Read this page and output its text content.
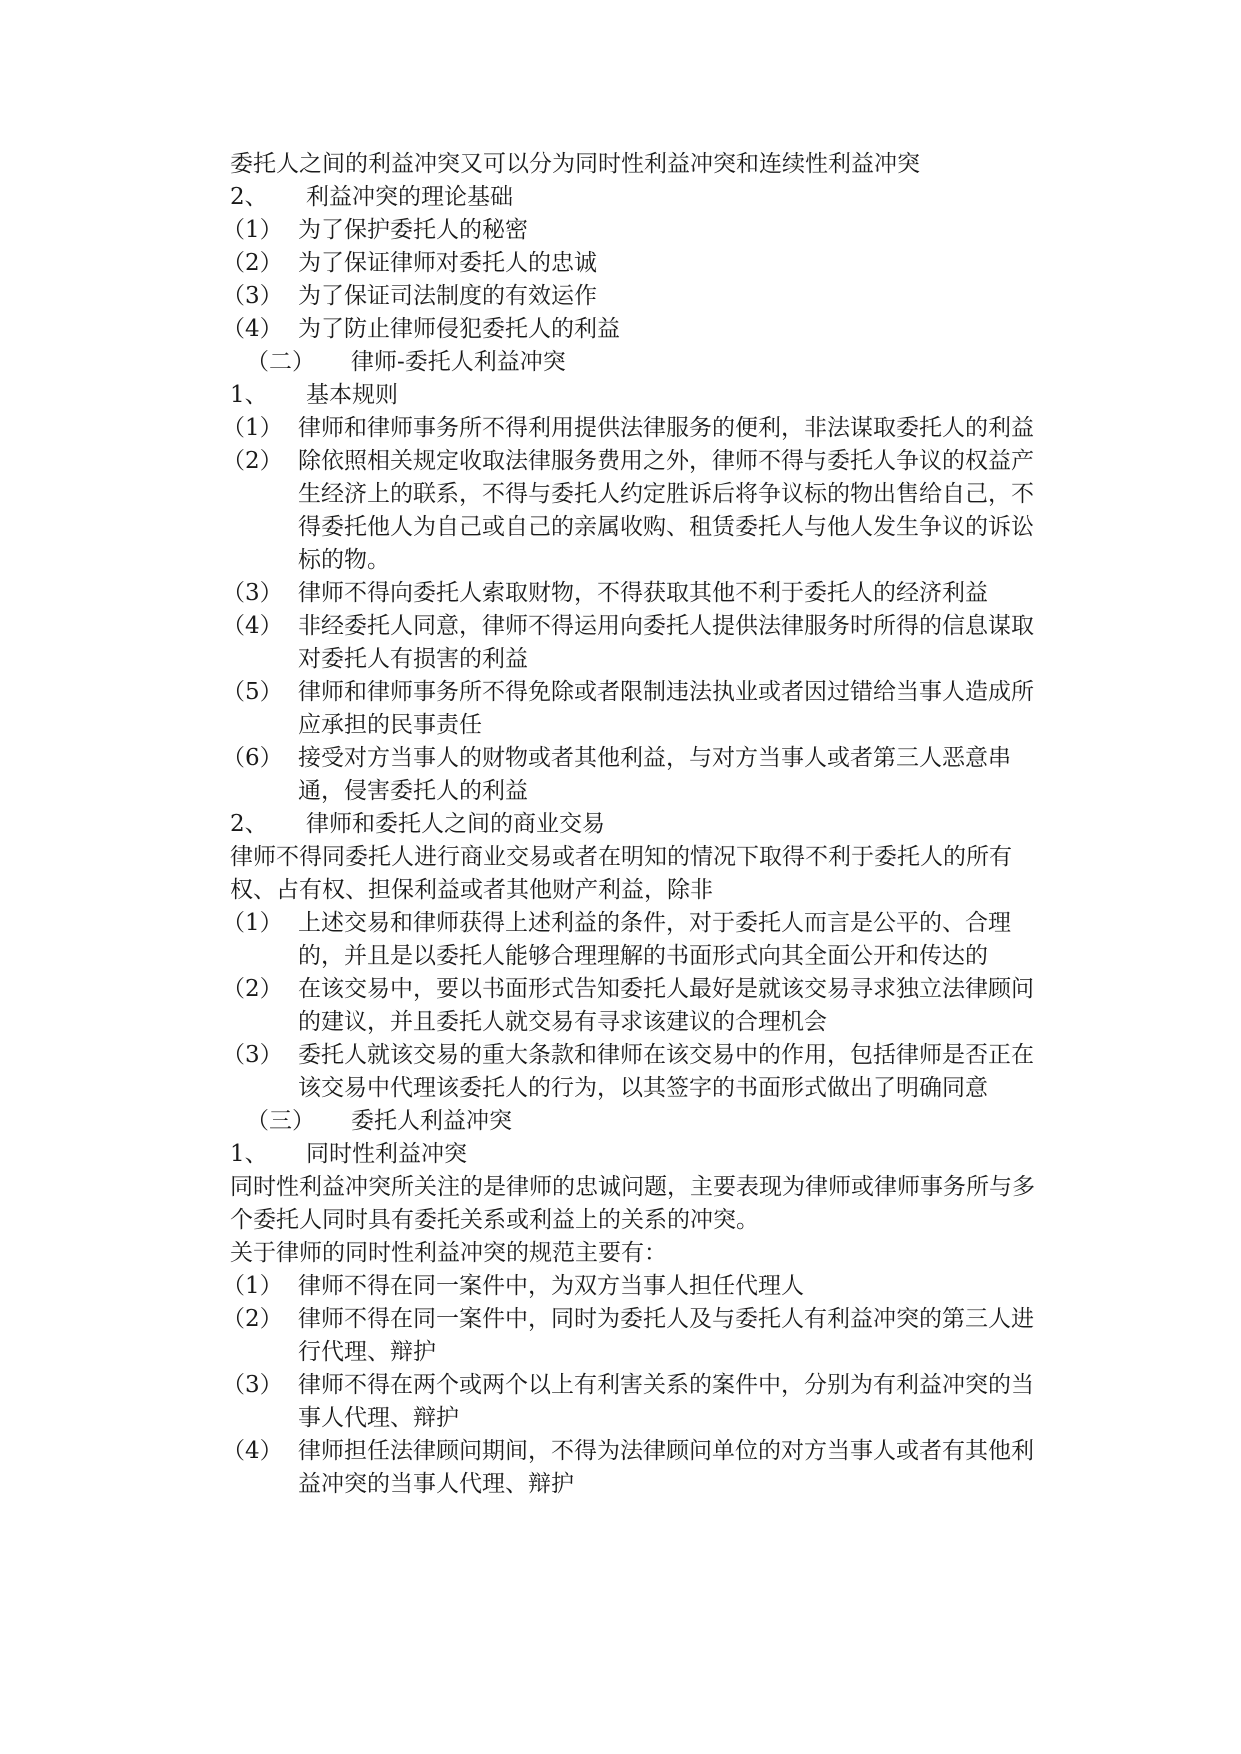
委托人之间的利益冲突又可以分为同时性利益冲突和连续性利益冲突
2、	利益冲突的理论基础
（1） 为了保护委托人的秘密
（2） 为了保证律师对委托人的忠诚
（3） 为了保证司法制度的有效运作
（4） 为了防止律师侵犯委托人的利益
（二）	律师-委托人利益冲突
1、	基本规则
（1） 律师和律师事务所不得利用提供法律服务的便利，非法谋取委托人的利益
（2） 除依照相关规定收取法律服务费用之外，律师不得与委托人争议的权益产生经济上的联系，不得与委托人约定胜诉后将争议标的物出售给自己，不得委托他人为自己或自己的亲属收购、租赁委托人与他人发生争议的诉讼标的物。
（3） 律师不得向委托人索取财物，不得获取其他不利于委托人的经济利益
（4） 非经委托人同意，律师不得运用向委托人提供法律服务时所得的信息谋取对委托人有损害的利益
（5） 律师和律师事务所不得免除或者限制违法执业或者因过错给当事人造成所应承担的民事责任
（6） 接受对方当事人的财物或者其他利益，与对方当事人或者第三人恶意串通，侵害委托人的利益
2、	律师和委托人之间的商业交易
律师不得同委托人进行商业交易或者在明知的情况下取得不利于委托人的所有权、占有权、担保利益或者其他财产利益，除非
（1） 上述交易和律师获得上述利益的条件，对于委托人而言是公平的、合理的，并且是以委托人能够合理理解的书面形式向其全面公开和传达的
（2） 在该交易中，要以书面形式告知委托人最好是就该交易寻求独立法律顾问的建议，并且委托人就交易有寻求该建议的合理机会
（3） 委托人就该交易的重大条款和律师在该交易中的作用，包括律师是否正在该交易中代理该委托人的行为，以其签字的书面形式做出了明确同意
（三）	委托人利益冲突
1、	同时性利益冲突
同时性利益冲突所关注的是律师的忠诚问题，主要表现为律师或律师事务所与多个委托人同时具有委托关系或利益上的关系的冲突。
关于律师的同时性利益冲突的规范主要有：
（1） 律师不得在同一案件中，为双方当事人担任代理人
（2） 律师不得在同一案件中，同时为委托人及与委托人有利益冲突的第三人进行代理、辩护
（3） 律师不得在两个或两个以上有利害关系的案件中，分别为有利益冲突的当事人代理、辩护
（4） 律师担任法律顾问期间，不得为法律顾问单位的对方当事人或者有其他利益冲突的当事人代理、辩护
